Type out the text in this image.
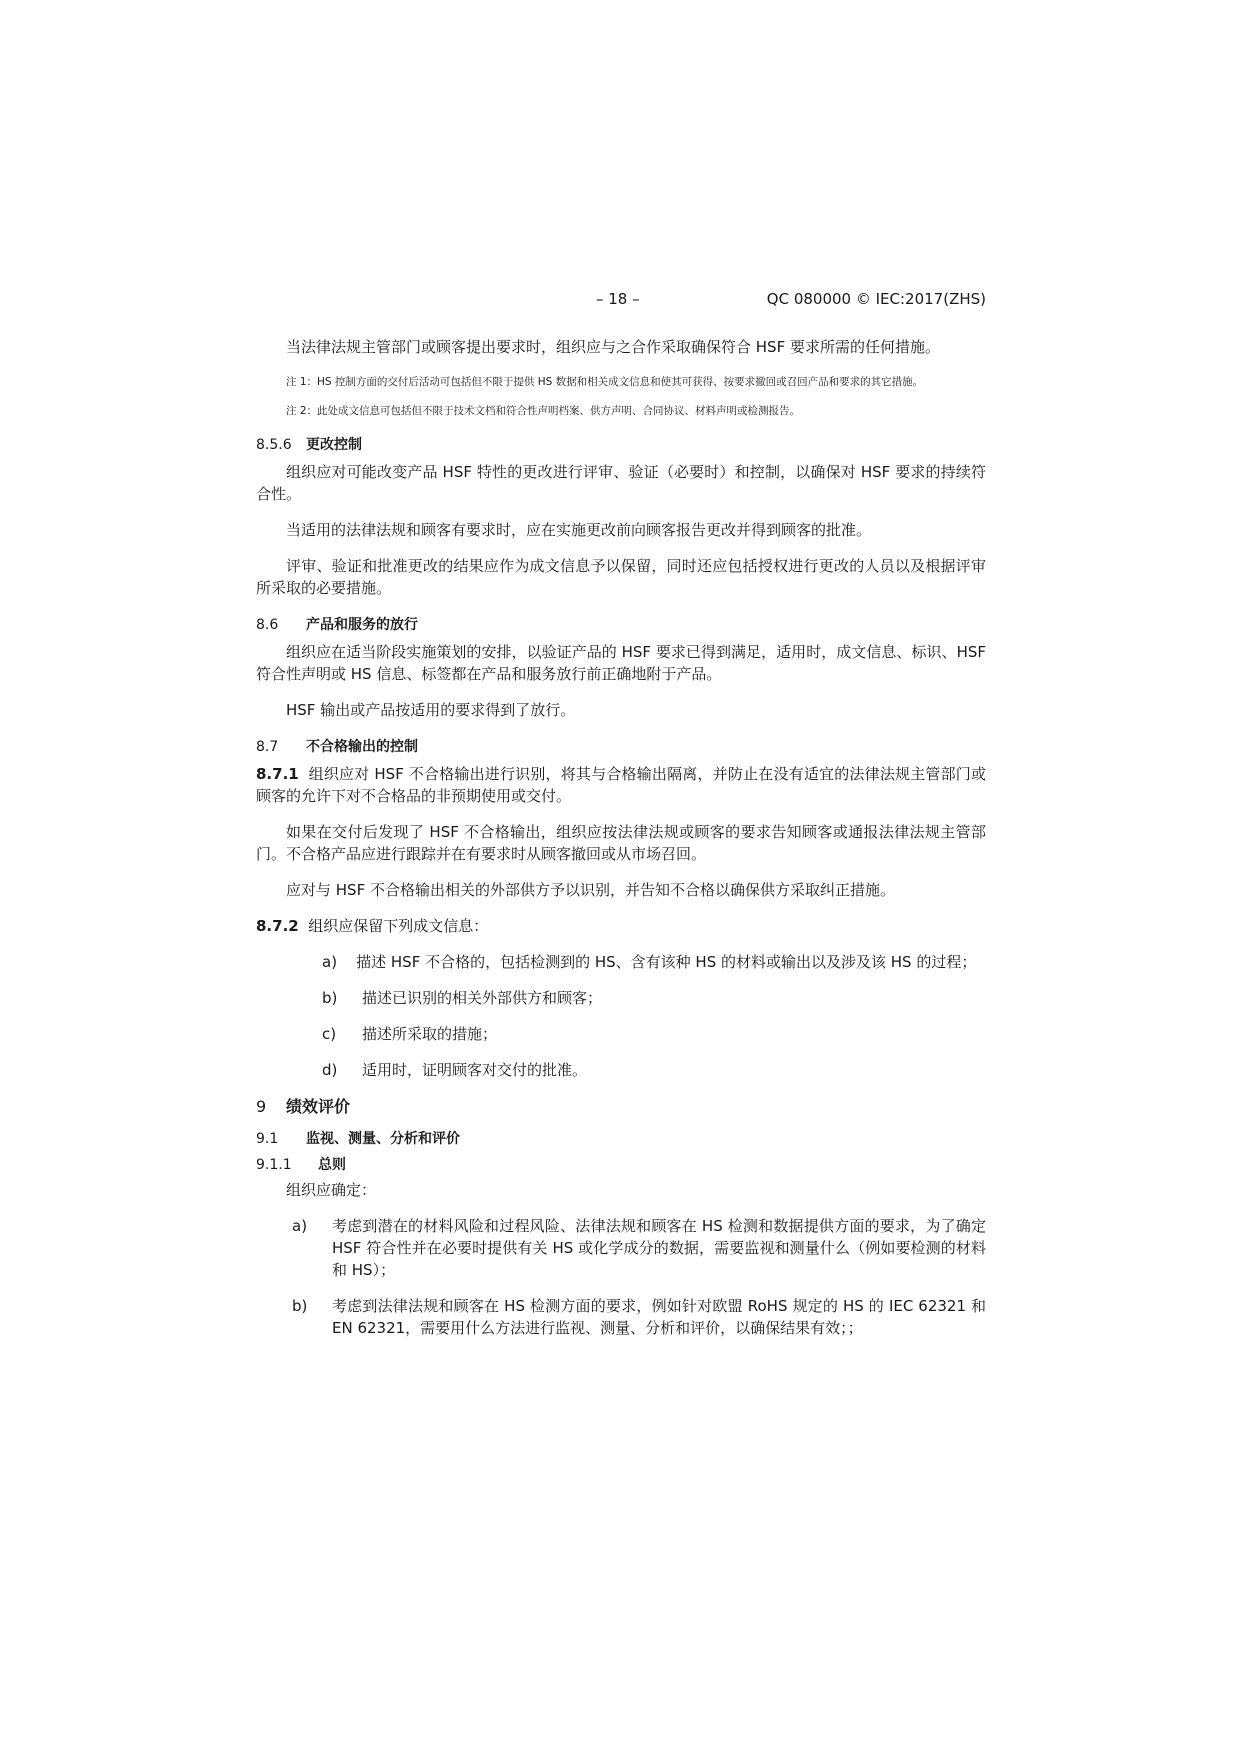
– 18 –	QC 080000 © IEC:2017(ZHS)

当法律法规主管部门或顾客提出要求时，组织应与之合作采取确保符合 HSF 要求所需的任何措施。

注 1：HS 控制方面的交付后活动可包括但不限于提供 HS 数据和相关成文信息和使其可获得、按要求撤回或召回产品和要求的其它措施。

注 2：此处成文信息可包括但不限于技术文档和符合性声明档案、供方声明、合同协议、材料声明或检测报告。

8.5.6 更改控制

组织应对可能改变产品 HSF 特性的更改进行评审、验证（必要时）和控制，以确保对 HSF 要求的持续符合性。

当适用的法律法规和顾客有要求时，应在实施更改前向顾客报告更改并得到顾客的批准。

评审、验证和批准更改的结果应作为成文信息予以保留，同时还应包括授权进行更改的人员以及根据评审所采取的必要措施。

8.6 产品和服务的放行

组织应在适当阶段实施策划的安排，以验证产品的 HSF 要求已得到满足，适用时，成文信息、标识、HSF 符合性声明或 HS 信息、标签都在产品和服务放行前正确地附于产品。

HSF 输出或产品按适用的要求得到了放行。

8.7 不合格输出的控制

8.7.1 组织应对 HSF 不合格输出进行识别，将其与合格输出隔离，并防止在没有适宜的法律法规主管部门或顾客的允许下对不合格品的非预期使用或交付。

如果在交付后发现了 HSF 不合格输出，组织应按法律法规或顾客的要求告知顾客或通报法律法规主管部门。不合格产品应进行跟踪并在有要求时从顾客撤回或从市场召回。

应对与 HSF 不合格输出相关的外部供方予以识别，并告知不合格以确保供方采取纠正措施。

8.7.2 组织应保留下列成文信息：

a) 描述 HSF 不合格的，包括检测到的 HS、含有该种 HS 的材料或输出以及涉及该 HS 的过程；

b) 描述已识别的相关外部供方和顾客；
c) 描述所采取的措施；
d) 适用时，证明顾客对交付的批准。
9 绩效评价
9.1 监视、测量、分析和评价
9.1.1 总则

组织应确定：

a) 考虑到潜在的材料风险和过程风险、法律法规和顾客在 HS 检测和数据提供方面的要求，为了确定 HSF 符合性并在必要时提供有关 HS 或化学成分的数据，需要监视和测量什么（例如要检测的材料和 HS）；
b) 考虑到法律法规和顾客在 HS 检测方面的要求，例如针对欧盟 RoHS 规定的 HS 的 IEC 62321 和 EN 62321，需要用什么方法进行监视、测量、分析和评价，以确保结果有效；；
